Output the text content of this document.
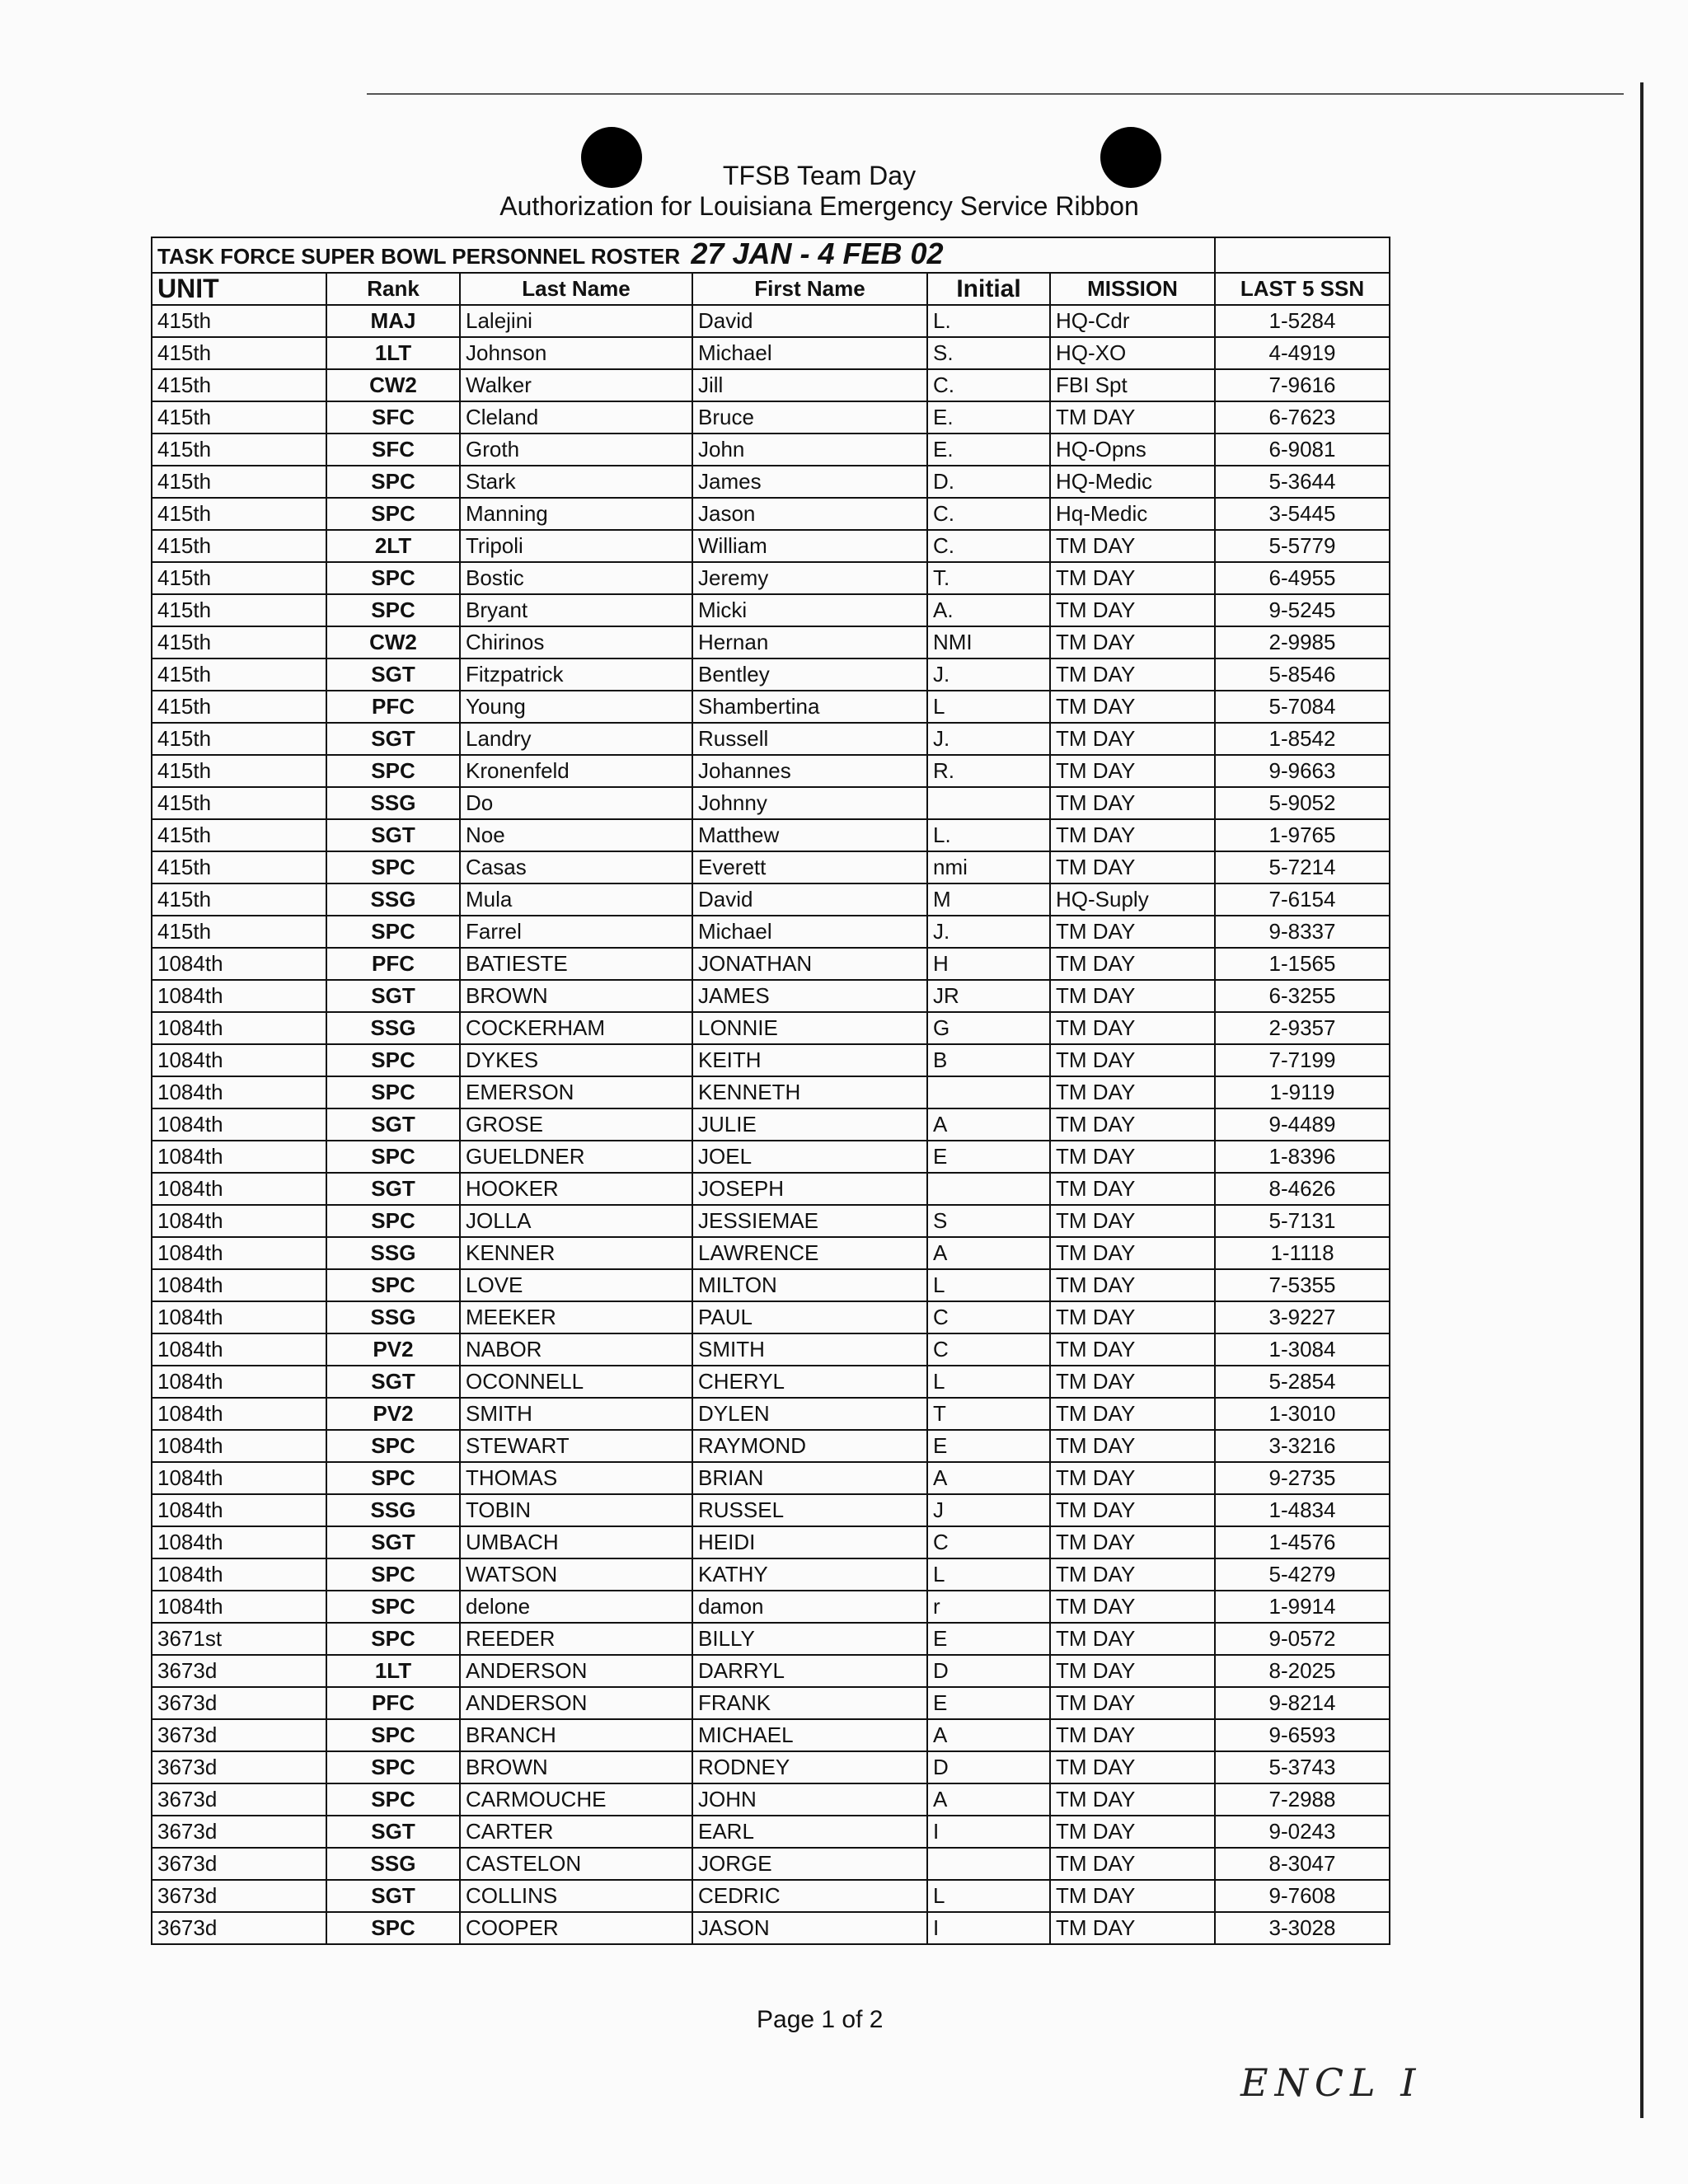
TFSB Team Day
Authorization for Louisiana Emergency Service Ribbon
TASK FORCE SUPER BOWL PERSONNEL ROSTER 27 JAN - 4 FEB 02						
UNIT	Rank	Last Name	First Name	Initial	MISSION	LAST 5 SSN
415th	MAJ	Lalejini	David	L.	HQ-Cdr	1-5284
415th	1LT	Johnson	Michael	S.	HQ-XO	4-4919
415th	CW2	Walker	Jill	C.	FBI Spt	7-9616
415th	SFC	Cleland	Bruce	E.	TM DAY	6-7623
415th	SFC	Groth	John	E.	HQ-Opns	6-9081
415th	SPC	Stark	James	D.	HQ-Medic	5-3644
415th	SPC	Manning	Jason	C.	Hq-Medic	3-5445
415th	2LT	Tripoli	William	C.	TM DAY	5-5779
415th	SPC	Bostic	Jeremy	T.	TM DAY	6-4955
415th	SPC	Bryant	Micki	A.	TM DAY	9-5245
415th	CW2	Chirinos	Hernan	NMI	TM DAY	2-9985
415th	SGT	Fitzpatrick	Bentley	J.	TM DAY	5-8546
415th	PFC	Young	Shambertina	L	TM DAY	5-7084
415th	SGT	Landry	Russell	J.	TM DAY	1-8542
415th	SPC	Kronenfeld	Johannes	R.	TM DAY	9-9663
415th	SSG	Do	Johnny		TM DAY	5-9052
415th	SGT	Noe	Matthew	L.	TM DAY	1-9765
415th	SPC	Casas	Everett	nmi	TM DAY	5-7214
415th	SSG	Mula	David	M	HQ-Suply	7-6154
415th	SPC	Farrel	Michael	J.	TM DAY	9-8337
1084th	PFC	BATIESTE	JONATHAN	H	TM DAY	1-1565
1084th	SGT	BROWN	JAMES	JR	TM DAY	6-3255
1084th	SSG	COCKERHAM	LONNIE	G	TM DAY	2-9357
1084th	SPC	DYKES	KEITH	B	TM DAY	7-7199
1084th	SPC	EMERSON	KENNETH		TM DAY	1-9119
1084th	SGT	GROSE	JULIE	A	TM DAY	9-4489
1084th	SPC	GUELDNER	JOEL	E	TM DAY	1-8396
1084th	SGT	HOOKER	JOSEPH		TM DAY	8-4626
1084th	SPC	JOLLA	JESSIEMAE	S	TM DAY	5-7131
1084th	SSG	KENNER	LAWRENCE	A	TM DAY	1-1118
1084th	SPC	LOVE	MILTON	L	TM DAY	7-5355
1084th	SSG	MEEKER	PAUL	C	TM DAY	3-9227
1084th	PV2	NABOR	SMITH	C	TM DAY	1-3084
1084th	SGT	OCONNELL	CHERYL	L	TM DAY	5-2854
1084th	PV2	SMITH	DYLEN	T	TM DAY	1-3010
1084th	SPC	STEWART	RAYMOND	E	TM DAY	3-3216
1084th	SPC	THOMAS	BRIAN	A	TM DAY	9-2735
1084th	SSG	TOBIN	RUSSEL	J	TM DAY	1-4834
1084th	SGT	UMBACH	HEIDI	C	TM DAY	1-4576
1084th	SPC	WATSON	KATHY	L	TM DAY	5-4279
1084th	SPC	delone	damon	r	TM DAY	1-9914
3671st	SPC	REEDER	BILLY	E	TM DAY	9-0572
3673d	1LT	ANDERSON	DARRYL	D	TM DAY	8-2025
3673d	PFC	ANDERSON	FRANK	E	TM DAY	9-8214
3673d	SPC	BRANCH	MICHAEL	A	TM DAY	9-6593
3673d	SPC	BROWN	RODNEY	D	TM DAY	5-3743
3673d	SPC	CARMOUCHE	JOHN	A	TM DAY	7-2988
3673d	SGT	CARTER	EARL	I	TM DAY	9-0243
3673d	SSG	CASTELON	JORGE		TM DAY	8-3047
3673d	SGT	COLLINS	CEDRIC	L	TM DAY	9-7608
3673d	SPC	COOPER	JASON	I	TM DAY	3-3028
Page 1 of 2
ENCL I
